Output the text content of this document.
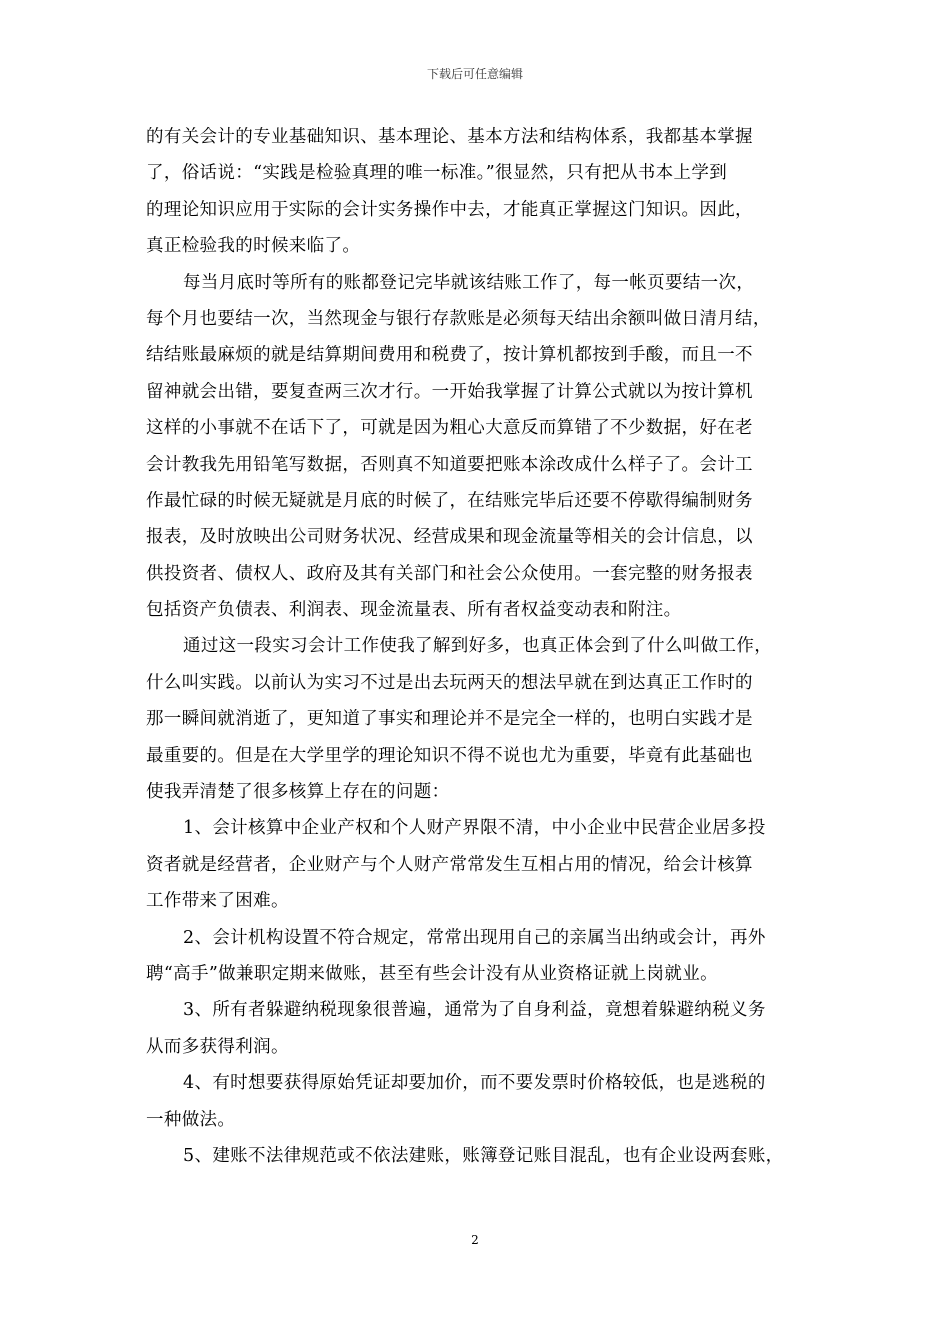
下载后可任意编辑
的有关会计的专业基础知识、基本理论、基本方法和结构体系，我都基本掌握
了，俗话说：“实践是检验真理的唯一标准。”很显然，只有把从书本上学到
的理论知识应用于实际的会计实务操作中去，才能真正掌握这门知识。因此，
真正检验我的时候来临了。
每当月底时等所有的账都登记完毕就该结账工作了，每一帐页要结一次，
每个月也要结一次，当然现金与银行存款账是必须每天结出余额叫做日清月结，
结结账最麻烦的就是结算期间费用和税费了，按计算机都按到手酸，而且一不
留神就会出错，要复查两三次才行。一开始我掌握了计算公式就以为按计算机
这样的小事就不在话下了，可就是因为粗心大意反而算错了不少数据，好在老
会计教我先用铅笔写数据，否则真不知道要把账本涂改成什么样子了。会计工
作最忙碌的时候无疑就是月底的时候了，在结账完毕后还要不停歇得编制财务
报表，及时放映出公司财务状况、经营成果和现金流量等相关的会计信息，以
供投资者、债权人、政府及其有关部门和社会公众使用。一套完整的财务报表
包括资产负债表、利润表、现金流量表、所有者权益变动表和附注。
通过这一段实习会计工作使我了解到好多，也真正体会到了什么叫做工作，
什么叫实践。以前认为实习不过是出去玩两天的想法早就在到达真正工作时的
那一瞬间就消逝了，更知道了事实和理论并不是完全一样的，也明白实践才是
最重要的。但是在大学里学的理论知识不得不说也尤为重要，毕竟有此基础也
使我弄清楚了很多核算上存在的问题：
1、会计核算中企业产权和个人财产界限不清，中小企业中民营企业居多投
资者就是经营者，企业财产与个人财产常常发生互相占用的情况，给会计核算
工作带来了困难。
2、会计机构设置不符合规定，常常出现用自己的亲属当出纳或会计，再外
聘“高手”做兼职定期来做账，甚至有些会计没有从业资格证就上岗就业。
3、所有者躲避纳税现象很普遍，通常为了自身利益，竟想着躲避纳税义务
从而多获得利润。
4、有时想要获得原始凭证却要加价，而不要发票时价格较低，也是逃税的
一种做法。
5、建账不法律规范或不依法建账，账簿登记账目混乱，也有企业设两套账，
2
